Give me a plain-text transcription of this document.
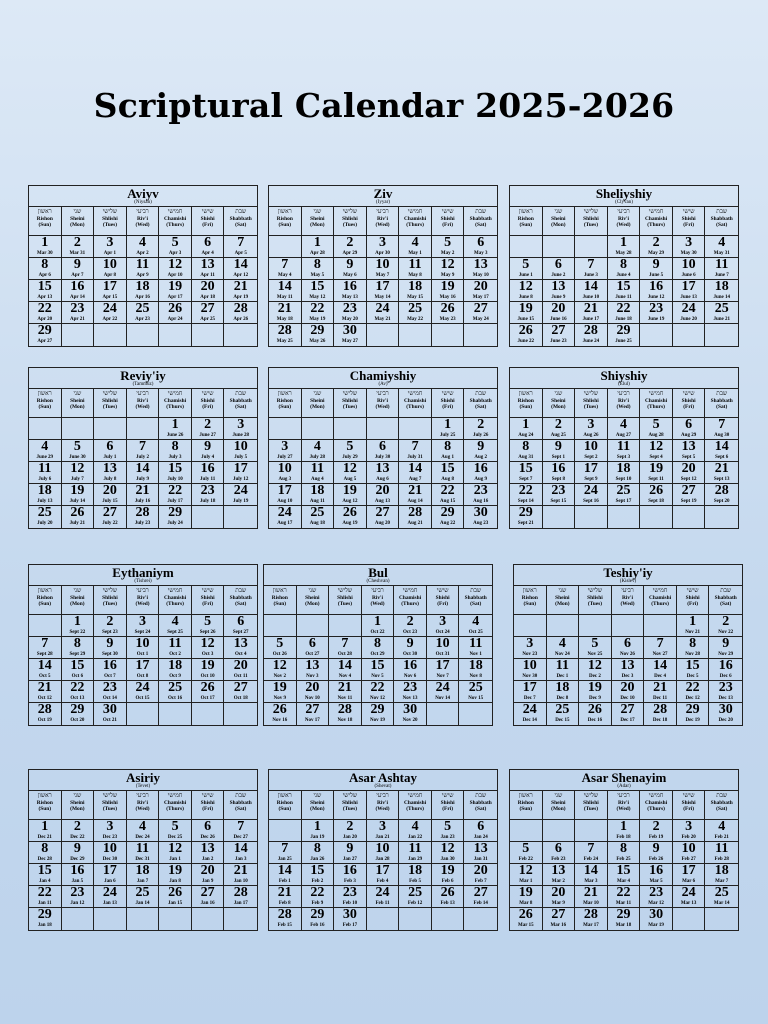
Scriptural Calendar 2025-2026
Aviyv
(Niysan)
ראשון
Rishon
(Sun)
שני
Sheini
(Mon)
שלישי
Shlishi
(Tues)
רביעי
Riv'i
(Wed)
חמישי
Chamishi
(Thurs)
שישי
Shishi
(Fri)
שבת
Shabbath
(Sat)
1
Mar 30
2
Mar 31
3
Apr 1
4
Apr 2
5
Apr 3
6
Apr 4
7
Apr 5
8
Apr 6
9
Apr 7
10
Apr 8
11
Apr 9
12
Apr 10
13
Apr 11
14
Apr 12
15
Apr 13
16
Apr 14
17
Apr 15
18
Apr 16
19
Apr 17
20
Apr 18
21
Apr 19
22
Apr 20
23
Apr 21
24
Apr 22
25
Apr 23
26
Apr 24
27
Apr 25
28
Apr 26
29
Apr 27
Ziv
(Iyyar)
ראשון
Rishon
(Sun)
שני
Sheini
(Mon)
שלישי
Shlishi
(Tues)
רביעי
Riv'i
(Wed)
חמישי
Chamishi
(Thurs)
שישי
Shishi
(Fri)
שבת
Shabbath
(Sat)
1
Apr 28
2
Apr 29
3
Apr 30
4
May 1
5
May 2
6
May 3
7
May 4
8
May 5
9
May 6
10
May 7
11
May 8
12
May 9
13
May 10
14
May 11
15
May 12
16
May 13
17
May 14
18
May 15
19
May 16
20
May 17
21
May 18
22
May 19
23
May 20
24
May 21
25
May 22
26
May 23
27
May 24
28
May 25
29
May 26
30
May 27
Sheliyshiy
(Clyvan)
ראשון
Rishon
(Sun)
שני
Sheini
(Mon)
שלישי
Shlishi
(Tues)
רביעי
Riv'i
(Wed)
חמישי
Chamishi
(Thurs)
שישי
Shishi
(Fri)
שבת
Shabbath
(Sat)
1
May 28
2
May 29
3
May 30
4
May 31
5
June 1
6
June 2
7
June 3
8
June 4
9
June 5
10
June 6
11
June 7
12
June 8
13
June 9
14
June 10
15
June 11
16
June 12
17
June 13
18
June 14
19
June 15
20
June 16
21
June 17
22
June 18
23
June 19
24
June 20
25
June 21
26
June 22
27
June 23
28
June 24
29
June 25
Reviy'iy
(Tammuz)
ראשון
Rishon
(Sun)
שני
Sheini
(Mon)
שלישי
Shlishi
(Tues)
רביעי
Riv'i
(Wed)
חמישי
Chamishi
(Thurs)
שישי
Shishi
(Fri)
שבת
Shabbath
(Sat)
1
June 26
2
June 27
3
June 28
4
June 29
5
June 30
6
July 1
7
July 2
8
July 3
9
July 4
10
July 5
11
July 6
12
July 7
13
July 8
14
July 9
15
July 10
16
July 11
17
July 12
18
July 13
19
July 14
20
July 15
21
July 16
22
July 17
23
July 18
24
July 19
25
July 20
26
July 21
27
July 22
28
July 23
29
July 24
Chamiyshiy
(Av)
ראשון
Rishon
(Sun)
שני
Sheini
(Mon)
שלישי
Shlishi
(Tues)
רביעי
Riv'i
(Wed)
חמישי
Chamishi
(Thurs)
שישי
Shishi
(Fri)
שבת
Shabbath
(Sat)
1
July 25
2
July 26
3
July 27
4
July 28
5
July 29
6
July 30
7
July 31
8
Aug 1
9
Aug 2
10
Aug 3
11
Aug 4
12
Aug 5
13
Aug 6
14
Aug 7
15
Aug 8
16
Aug 9
17
Aug 10
18
Aug 11
19
Aug 12
20
Aug 13
21
Aug 14
22
Aug 15
23
Aug 16
24
Aug 17
25
Aug 18
26
Aug 19
27
Aug 20
28
Aug 21
29
Aug 22
30
Aug 23
Shiyshiy
(Elul)
ראשון
Rishon
(Sun)
שני
Sheini
(Mon)
שלישי
Shlishi
(Tues)
רביעי
Riv'i
(Wed)
חמישי
Chamishi
(Thurs)
שישי
Shishi
(Fri)
שבת
Shabbath
(Sat)
1
Aug 24
2
Aug 25
3
Aug 26
4
Aug 27
5
Aug 28
6
Aug 29
7
Aug 30
8
Aug 31
9
Sept 1
10
Sept 2
11
Sept 3
12
Sept 4
13
Sept 5
14
Sept 6
15
Sept 7
16
Sept 8
17
Sept 9
18
Sept 10
19
Sept 11
20
Sept 12
21
Sept 13
22
Sept 14
23
Sept 15
24
Sept 16
25
Sept 17
26
Sept 18
27
Sept 19
28
Sept 20
29
Sept 21
Eythaniym
(Tishrei)
ראשון
Rishon
(Sun)
שני
Sheini
(Mon)
שלישי
Shlishi
(Tues)
רביעי
Riv'i
(Wed)
חמישי
Chamishi
(Thurs)
שישי
Shishi
(Fri)
שבת
Shabbath
(Sat)
1
Sept 22
2
Sept 23
3
Sept 24
4
Sept 25
5
Sept 26
6
Sept 27
7
Sept 28
8
Sept 29
9
Sept 30
10
Oct 1
11
Oct 2
12
Oct 3
13
Oct 4
14
Oct 5
15
Oct 6
16
Oct 7
17
Oct 8
18
Oct 9
19
Oct 10
20
Oct 11
21
Oct 12
22
Oct 13
23
Oct 14
24
Oct 15
25
Oct 16
26
Oct 17
27
Oct 18
28
Oct 19
29
Oct 20
30
Oct 21
Bul
(Cheshvan)
ראשון
Rishon
(Sun)
שני
Sheini
(Mon)
שלישי
Shlishi
(Tues)
רביעי
Riv'i
(Wed)
חמישי
Chamishi
(Thurs)
שישי
Shishi
(Fri)
שבת
Shabbath
(Sat)
1
Oct 22
2
Oct 23
3
Oct 24
4
Oct 25
5
Oct 26
6
Oct 27
7
Oct 28
8
Oct 29
9
Oct 30
10
Oct 31
11
Nov 1
12
Nov 2
13
Nov 3
14
Nov 4
15
Nov 5
16
Nov 6
17
Nov 7
18
Nov 8
19
Nov 9
20
Nov 10
21
Nov 11
22
Nov 12
23
Nov 13
24
Nov 14
25
Nov 15
26
Nov 16
27
Nov 17
28
Nov 18
29
Nov 19
30
Nov 20
Teshiy'iy
(Kislev)
ראשון
Rishon
(Sun)
שני
Sheini
(Mon)
שלישי
Shlishi
(Tues)
רביעי
Riv'i
(Wed)
חמישי
Chamishi
(Thurs)
שישי
Shishi
(Fri)
שבת
Shabbath
(Sat)
1
Nov 21
2
Nov 22
3
Nov 23
4
Nov 24
5
Nov 25
6
Nov 26
7
Nov 27
8
Nov 28
9
Nov 29
10
Nov 30
11
Dec 1
12
Dec 2
13
Dec 3
14
Dec 4
15
Dec 5
16
Dec 6
17
Dec 7
18
Dec 8
19
Dec 9
20
Dec 10
21
Dec 11
22
Dec 12
23
Dec 13
24
Dec 14
25
Dec 15
26
Dec 16
27
Dec 17
28
Dec 18
29
Dec 19
30
Dec 20
Asiriy
(Tevet)
ראשון
Rishon
(Sun)
שני
Sheini
(Mon)
שלישי
Shlishi
(Tues)
רביעי
Riv'i
(Wed)
חמישי
Chamishi
(Thurs)
שישי
Shishi
(Fri)
שבת
Shabbath
(Sat)
1
Dec 21
2
Dec 22
3
Dec 23
4
Dec 24
5
Dec 25
6
Dec 26
7
Dec 27
8
Dec 28
9
Dec 29
10
Dec 30
11
Dec 31
12
Jan 1
13
Jan 2
14
Jan 3
15
Jan 4
16
Jan 5
17
Jan 6
18
Jan 7
19
Jan 8
20
Jan 9
21
Jan 10
22
Jan 11
23
Jan 12
24
Jan 13
25
Jan 14
26
Jan 15
27
Jan 16
28
Jan 17
29
Jan 18
Asar Ashtay
(Shevat)
ראשון
Rishon
(Sun)
שני
Sheini
(Mon)
שלישי
Shlishi
(Tues)
רביעי
Riv'i
(Wed)
חמישי
Chamishi
(Thurs)
שישי
Shishi
(Fri)
שבת
Shabbath
(Sat)
1
Jan 19
2
Jan 20
3
Jan 21
4
Jan 22
5
Jan 23
6
Jan 24
7
Jan 25
8
Jan 26
9
Jan 27
10
Jan 28
11
Jan 29
12
Jan 30
13
Jan 31
14
Feb 1
15
Feb 2
16
Feb 3
17
Feb 4
18
Feb 5
19
Feb 6
20
Feb 7
21
Feb 8
22
Feb 9
23
Feb 10
24
Feb 11
25
Feb 12
26
Feb 13
27
Feb 14
28
Feb 15
29
Feb 16
30
Feb 17
Asar Shenayim
(Adar)
ראשון
Rishon
(Sun)
שני
Sheini
(Mon)
שלישי
Shlishi
(Tues)
רביעי
Riv'i
(Wed)
חמישי
Chamishi
(Thurs)
שישי
Shishi
(Fri)
שבת
Shabbath
(Sat)
1
Feb 18
2
Feb 19
3
Feb 20
4
Feb 21
5
Feb 22
6
Feb 23
7
Feb 24
8
Feb 25
9
Feb 26
10
Feb 27
11
Feb 28
12
Mar 1
13
Mar 2
14
Mar 3
15
Mar 4
16
Mar 5
17
Mar 6
18
Mar 7
19
Mar 8
20
Mar 9
21
Mar 10
22
Mar 11
23
Mar 12
24
Mar 13
25
Mar 14
26
Mar 15
27
Mar 16
28
Mar 17
29
Mar 18
30
Mar 19
